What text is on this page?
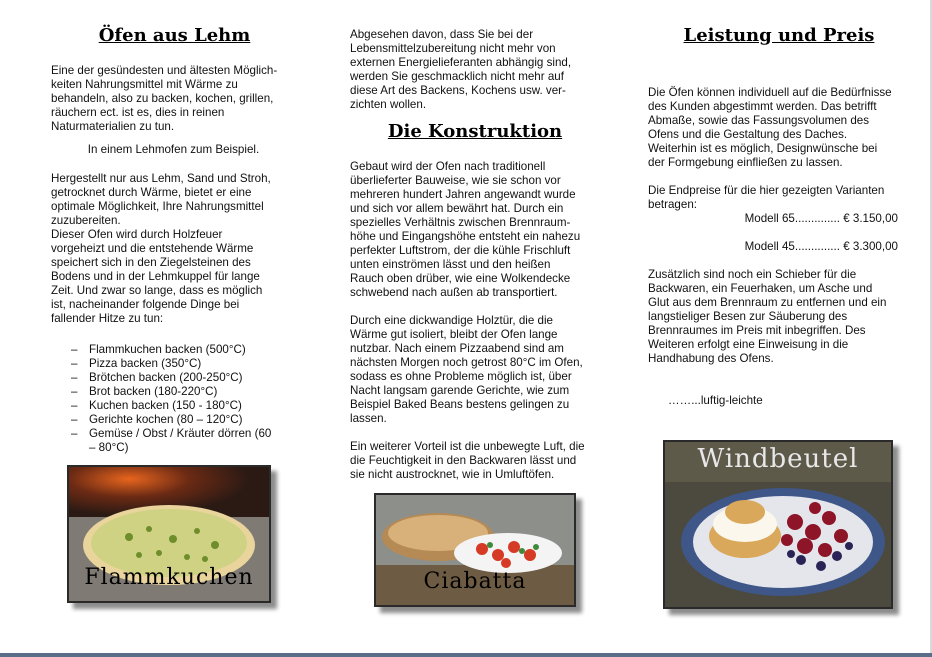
Öfen aus Lehm

Eine der gesündesten und ältesten Möglich-
keiten Nahrungsmittel mit Wärme zu
behandeln, also zu backen, kochen, grillen,
räuchern ect. ist es, dies in reinen
Naturmaterialien zu tun.

In einem Lehmofen zum Beispiel.

Hergestellt nur aus Lehm, Sand und Stroh,
getrocknet durch Wärme, bietet er eine
optimale Möglichkeit, Ihre Nahrungsmittel
zuzubereiten.
Dieser Ofen wird durch Holzfeuer
vorgeheizt und die entstehende Wärme
speichert sich in den Ziegelsteinen des
Bodens und in der Lehmkuppel für lange
Zeit. Und zwar so lange, dass es möglich
ist, nacheinander folgende Dinge bei
fallender Hitze zu tun:

– Flammkuchen backen (500°C)
– Pizza backen (350°C)
– Brötchen backen (200-250°C)
– Brot backen (180-220°C)
– Kuchen backen (150 - 180°C)
– Gerichte kochen (80 – 120°C)
– Gemüse / Obst / Kräuter dörren (60
– 80°C)
Flammkuchen

Abgesehen davon, dass Sie bei der
Lebensmittelzubereitung nicht mehr von
externen Energielieferanten abhängig sind,
werden Sie geschmacklich nicht mehr auf
diese Art des Backens, Kochens usw. ver-
zichten wollen.

Die Konstruktion

Gebaut wird der Ofen nach traditionell
überlieferter Bauweise, wie sie schon vor
mehreren hundert Jahren angewandt wurde
und sich vor allem bewährt hat. Durch ein
spezielles Verhältnis zwischen Brennraum-
höhe und Eingangshöhe entsteht ein nahezu
perfekter Luftstrom, der die kühle Frischluft
unten einströmen lässt und den heißen
Rauch oben drüber, wie eine Wolkendecke
schwebend nach außen ab transportiert.

Durch eine dickwandige Holztür, die die
Wärme gut isoliert, bleibt der Ofen lange
nutzbar. Nach einem Pizzaabend sind am
nächsten Morgen noch getrost 80°C im Ofen,
sodass es ohne Probleme möglich ist, über
Nacht langsam garende Gerichte, wie zum
Beispiel Baked Beans bestens gelingen zu
lassen.

Ein weiterer Vorteil ist die unbewegte Luft, die
die Feuchtigkeit in den Backwaren lässt und
sie nicht austrocknet, wie in Umluftöfen.

Ciabatta
Leistung und Preis

Die Öfen können individuell auf die Bedürfnisse
des Kunden abgestimmt werden. Das betrifft
Abmaße, sowie das Fassungsvolumen des
Ofens und die Gestaltung des Daches.
Weiterhin ist es möglich, Designwünsche bei
der Formgebung einfließen zu lassen.

Die Endpreise für die hier gezeigten Varianten
betragen:

Modell 65.............. € 3.150,00
Modell 45.............. € 3.300,00

Zusätzlich sind noch ein Schieber für die
Backwaren, ein Feuerhaken, um Asche und
Glut aus dem Brennraum zu entfernen und ein
langstieliger Besen zur Säuberung des
Brennraumes im Preis mit inbegriffen. Des
Weiteren erfolgt eine Einweisung in die
Handhabung des Ofens.

……...luftig-leichte

Windbeutel
